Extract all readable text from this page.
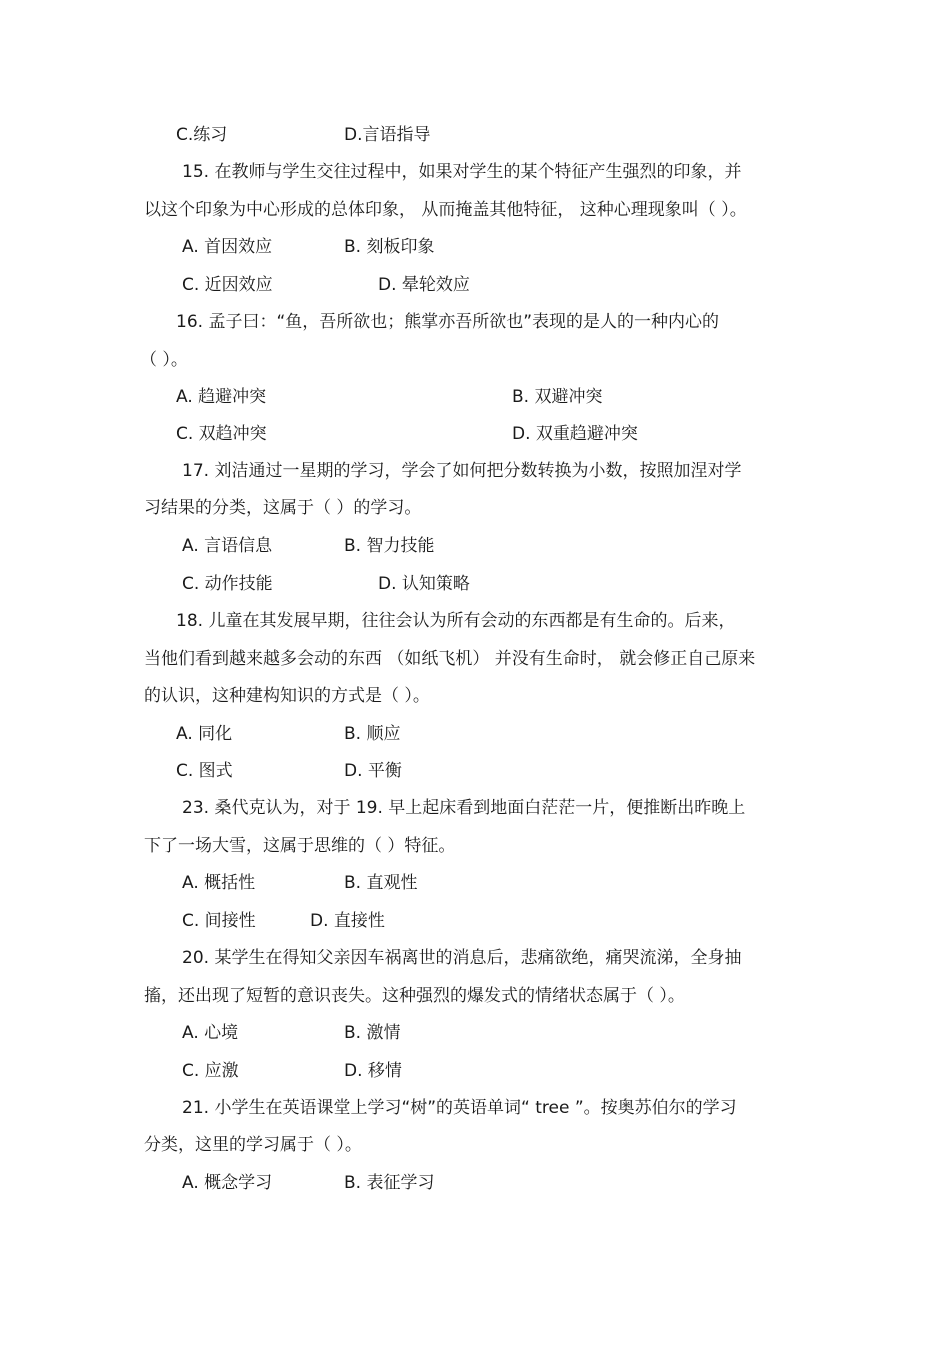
C.练习	D.言语指导
15. 在教师与学生交往过程中，如果对学生的某个特征产生强烈的印象，并
以这个印象为中心形成的总体印象， 从而掩盖其他特征， 这种心理现象叫（ ）。
A. 首因效应	B. 刻板印象
C. 近因效应	D. 晕轮效应
16. 孟子曰：“鱼，吾所欲也；熊掌亦吾所欲也”表现的是人的一种内心的
（ ）。
A. 趋避冲突	B. 双避冲突
C. 双趋冲突	D. 双重趋避冲突
17. 刘洁通过一星期的学习，学会了如何把分数转换为小数，按照加涅对学
习结果的分类，这属于（ ）的学习。
A. 言语信息	B. 智力技能
C. 动作技能	D. 认知策略
18. 儿童在其发展早期，往往会认为所有会动的东西都是有生命的。后来，
当他们看到越来越多会动的东西 （如纸飞机） 并没有生命时， 就会修正自己原来
的认识，这种建构知识的方式是（ ）。
A. 同化	B. 顺应
C. 图式	D. 平衡
23. 桑代克认为，对于 19. 早上起床看到地面白茫茫一片，便推断出昨晚上
下了一场大雪，这属于思维的（ ）特征。
A. 概括性	B. 直观性
C. 间接性	D. 直接性
20. 某学生在得知父亲因车祸离世的消息后，悲痛欲绝，痛哭流涕，全身抽
搐，还出现了短暂的意识丧失。这种强烈的爆发式的情绪状态属于（ ）。
A. 心境	B. 激情
C. 应激	D. 移情
21. 小学生在英语课堂上学习“树”的英语单词“ tree ”。按奥苏伯尔的学习
分类，这里的学习属于（ ）。
A. 概念学习	B. 表征学习
